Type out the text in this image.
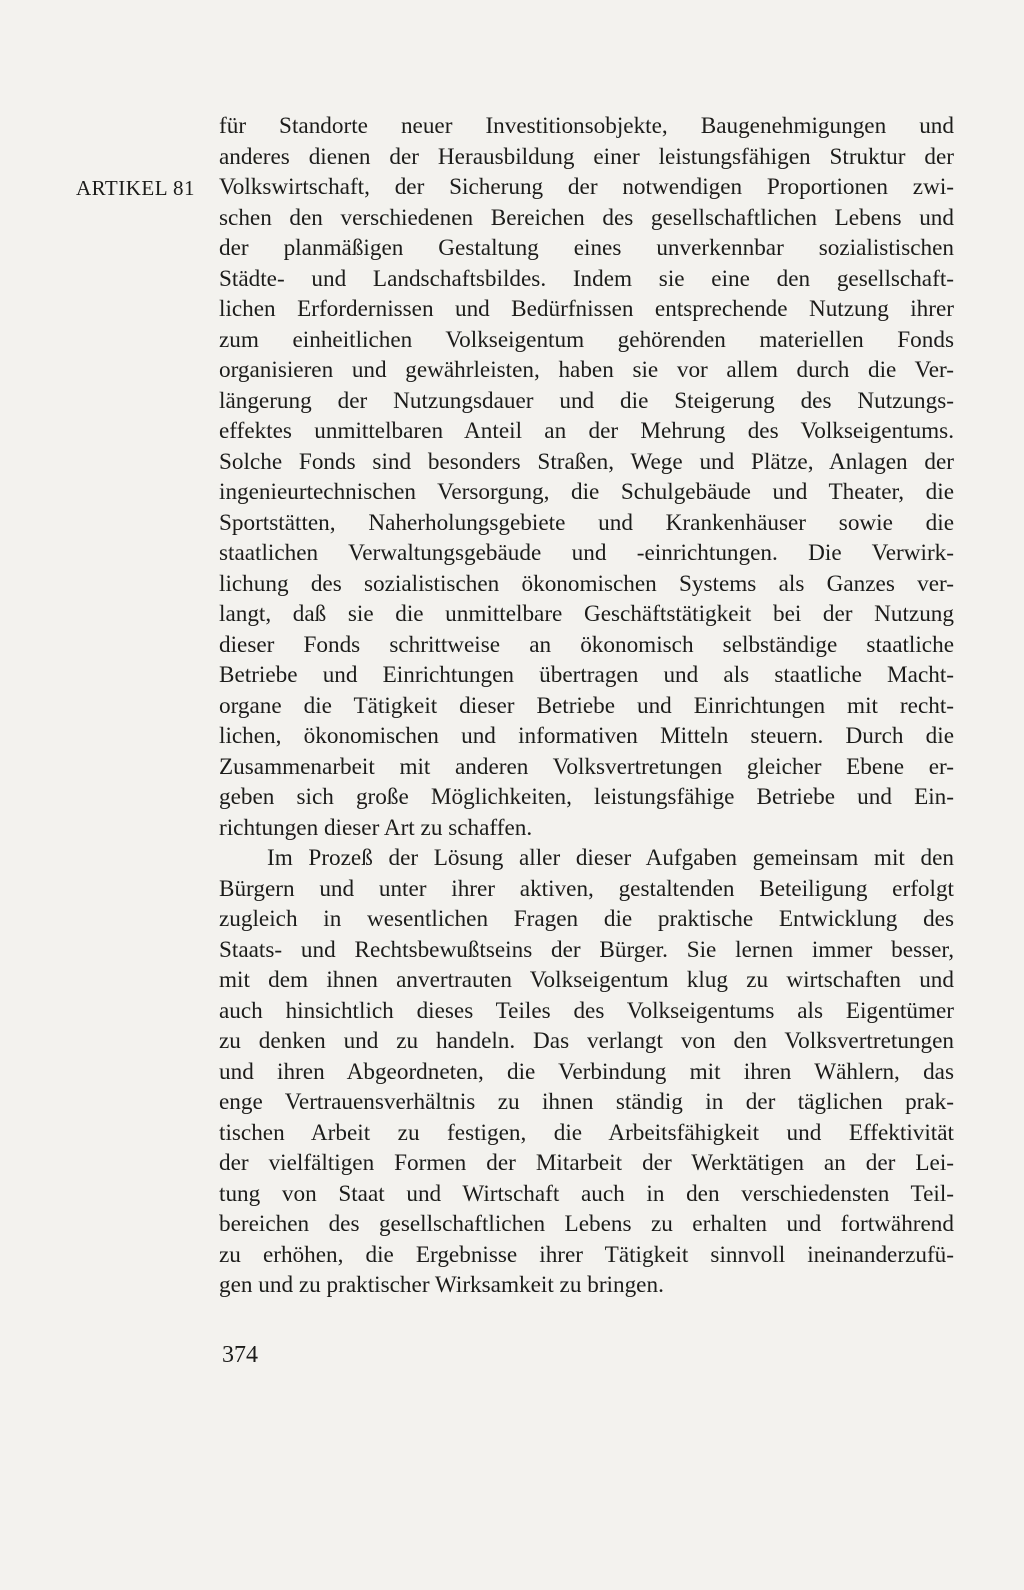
ARTIKEL 81
für Standorte neuer Investitionsobjekte, Baugenehmigungen und
anderes dienen der Herausbildung einer leistungsfähigen Struktur der
Volkswirtschaft, der Sicherung der notwendigen Proportionen zwi-
schen den verschiedenen Bereichen des gesellschaftlichen Lebens und
der planmäßigen Gestaltung eines unverkennbar sozialistischen
Städte- und Landschaftsbildes. Indem sie eine den gesellschaft-
lichen Erfordernissen und Bedürfnissen entsprechende Nutzung ihrer
zum einheitlichen Volkseigentum gehörenden materiellen Fonds
organisieren und gewährleisten, haben sie vor allem durch die Ver-
längerung der Nutzungsdauer und die Steigerung des Nutzungs-
effektes unmittelbaren Anteil an der Mehrung des Volkseigentums.
Solche Fonds sind besonders Straßen, Wege und Plätze, Anlagen der
ingenieurtechnischen Versorgung, die Schulgebäude und Theater, die
Sportstätten, Naherholungsgebiete und Krankenhäuser sowie die
staatlichen Verwaltungsgebäude und -einrichtungen. Die Verwirk-
lichung des sozialistischen ökonomischen Systems als Ganzes ver-
langt, daß sie die unmittelbare Geschäftstätigkeit bei der Nutzung
dieser Fonds schrittweise an ökonomisch selbständige staatliche
Betriebe und Einrichtungen übertragen und als staatliche Macht-
organe die Tätigkeit dieser Betriebe und Einrichtungen mit recht-
lichen, ökonomischen und informativen Mitteln steuern. Durch die
Zusammenarbeit mit anderen Volksvertretungen gleicher Ebene er-
geben sich große Möglichkeiten, leistungsfähige Betriebe und Ein-
richtungen dieser Art zu schaffen.
Im Prozeß der Lösung aller dieser Aufgaben gemeinsam mit den
Bürgern und unter ihrer aktiven, gestaltenden Beteiligung erfolgt
zugleich in wesentlichen Fragen die praktische Entwicklung des
Staats- und Rechtsbewußtseins der Bürger. Sie lernen immer besser,
mit dem ihnen anvertrauten Volkseigentum klug zu wirtschaften und
auch hinsichtlich dieses Teiles des Volkseigentums als Eigentümer
zu denken und zu handeln. Das verlangt von den Volksvertretungen
und ihren Abgeordneten, die Verbindung mit ihren Wählern, das
enge Vertrauensverhältnis zu ihnen ständig in der täglichen prak-
tischen Arbeit zu festigen, die Arbeitsfähigkeit und Effektivität
der vielfältigen Formen der Mitarbeit der Werktätigen an der Lei-
tung von Staat und Wirtschaft auch in den verschiedensten Teil-
bereichen des gesellschaftlichen Lebens zu erhalten und fortwährend
zu erhöhen, die Ergebnisse ihrer Tätigkeit sinnvoll ineinanderzufü-
gen und zu praktischer Wirksamkeit zu bringen.
374
